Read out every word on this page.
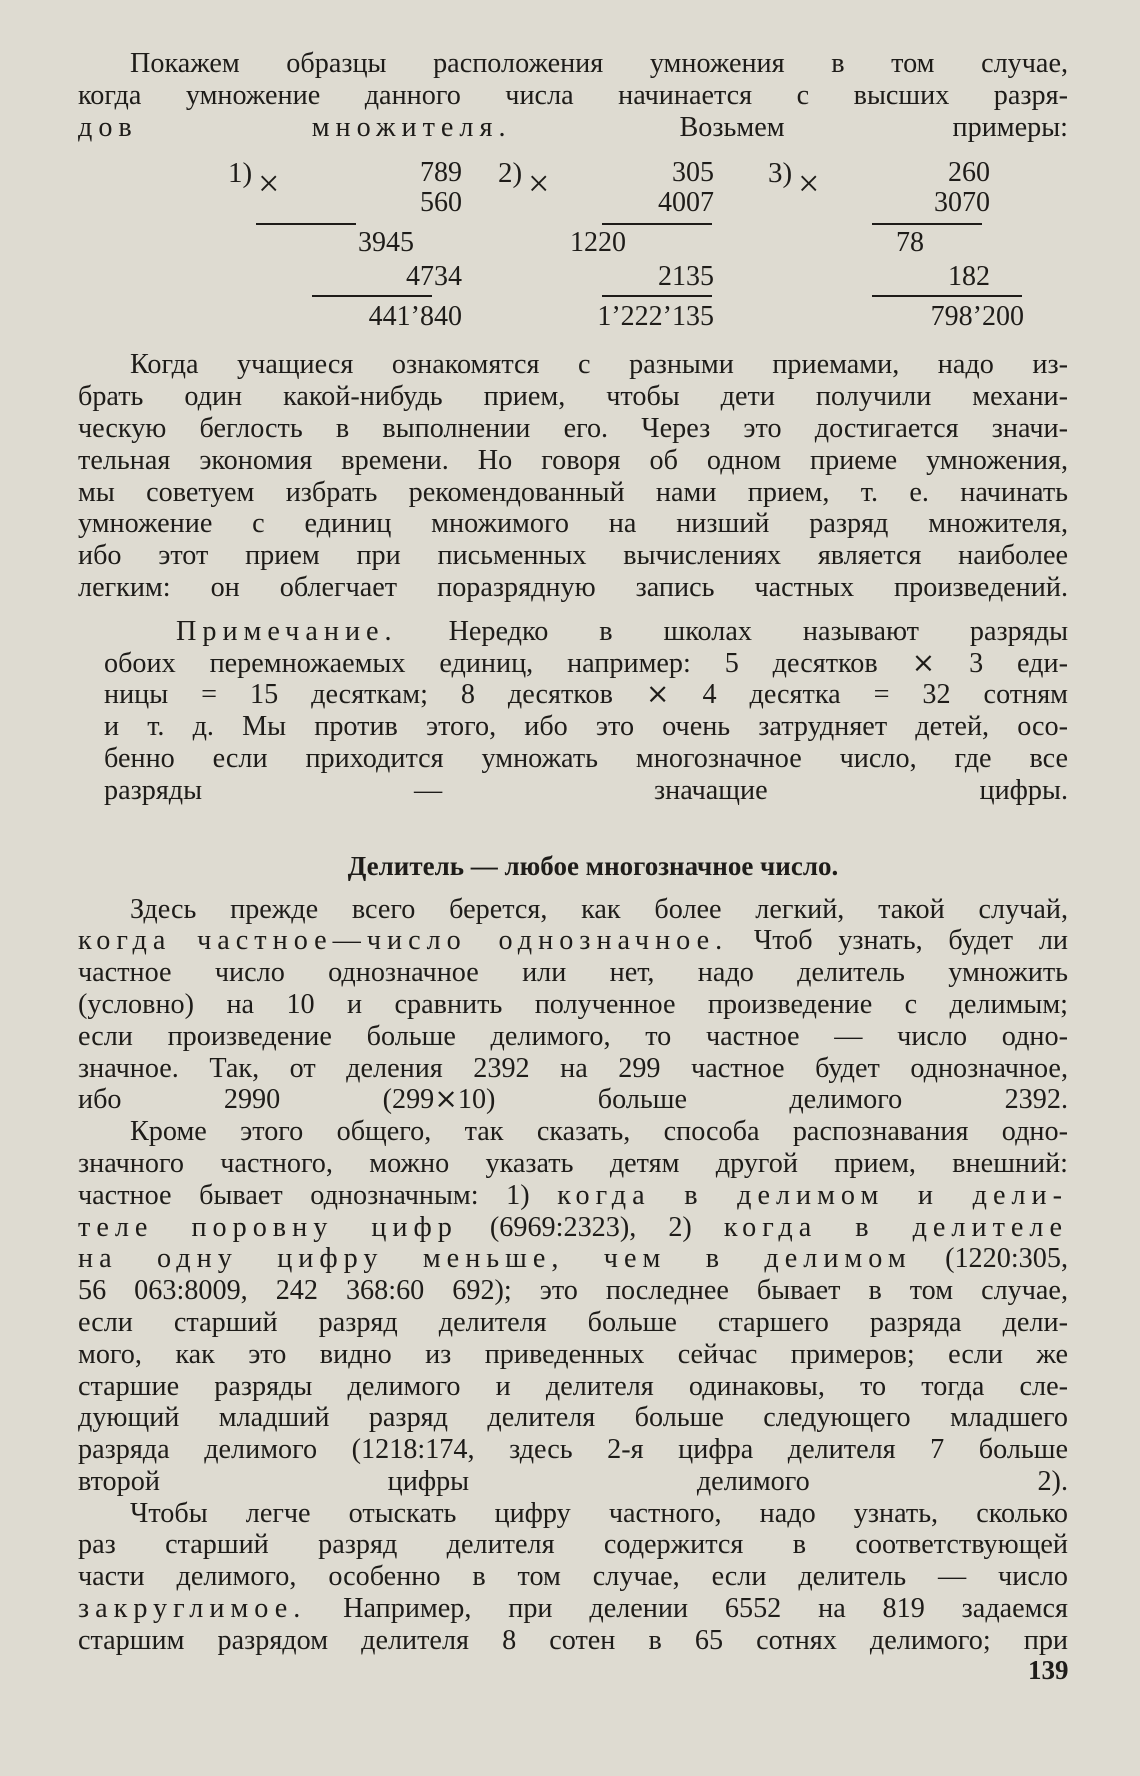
Покажем образцы расположения умножения в том случае,
когда умножение данного числа начинается с высших разря-
дов множителя.	Возьмем примеры:

1) ×	789
560
3945
4734
441’840
2) ×	305
4007
1220
2135
1’222’135
3) ×	260
3070
78
182
798’200

Когда учащиеся ознакомятся с разными приемами, надо из-
брать один какой-нибудь прием, чтобы дети получили механи-
ческую беглость в выполнении его. Через это достигается значи-
тельная экономия времени. Но говоря об одном приеме умножения,
мы советуем избрать рекомендованный нами прием, т. е. начинать
умножение с единиц множимого на низший разряд множителя,
ибо этот прием при письменных вычислениях является наиболее
легким: он облегчает поразрядную запись частных произведений.

Примечание. Нередко в школах называют разряды
обоих перемножаемых единиц, например: 5 десятков ⨯ 3 еди-
ницы = 15 десяткам; 8 десятков ⨯ 4 десятка = 32 сотням
и т. д. Мы против этого, ибо это очень затрудняет детей, осо-
бенно если приходится умножать многозначное число, где все
разряды — значащие цифры.

Делитель — любое многозначное число.

Здесь прежде всего берется, как более легкий, такой случай,
когда частное—число однозначное. Чтоб узнать, будет ли
частное число однозначное или нет, надо делитель умножить
(условно) на 10 и сравнить полученное произведение с делимым;
если произведение больше делимого, то частное — число одно-
значное. Так, от деления 2392 на 299 частное будет однозначное,
ибо 2990 (299⨯10) больше делимого 2392.

Кроме этого общего, так сказать, способа распознавания одно-
значного частного, можно указать детям другой прием, внешний:
частное бывает однозначным: 1) когда в делимом и дели-
теле поровну цифр (6969:2323), 2) когда в делителе
на одну цифру меньше, чем в делимом (1220:305,
56 063:8009, 242 368:60 692); это последнее бывает в том случае,
если старший разряд делителя больше старшего разряда дели-
мого, как это видно из приведенных сейчас примеров; если же
старшие разряды делимого и делителя одинаковы, то тогда сле-
дующий младший разряд делителя больше следующего младшего
разряда делимого (1218:174, здесь 2-я цифра делителя 7 больше
второй цифры делимого 2).

Чтобы легче отыскать цифру частного, надо узнать, сколько
раз старший разряд делителя содержится в соответствующей
части делимого, особенно в том случае, если делитель — число
закруглимое. Например, при делении 6552 на 819 задаемся
старшим разрядом делителя 8 сотен в 65 сотнях делимого; при

139
